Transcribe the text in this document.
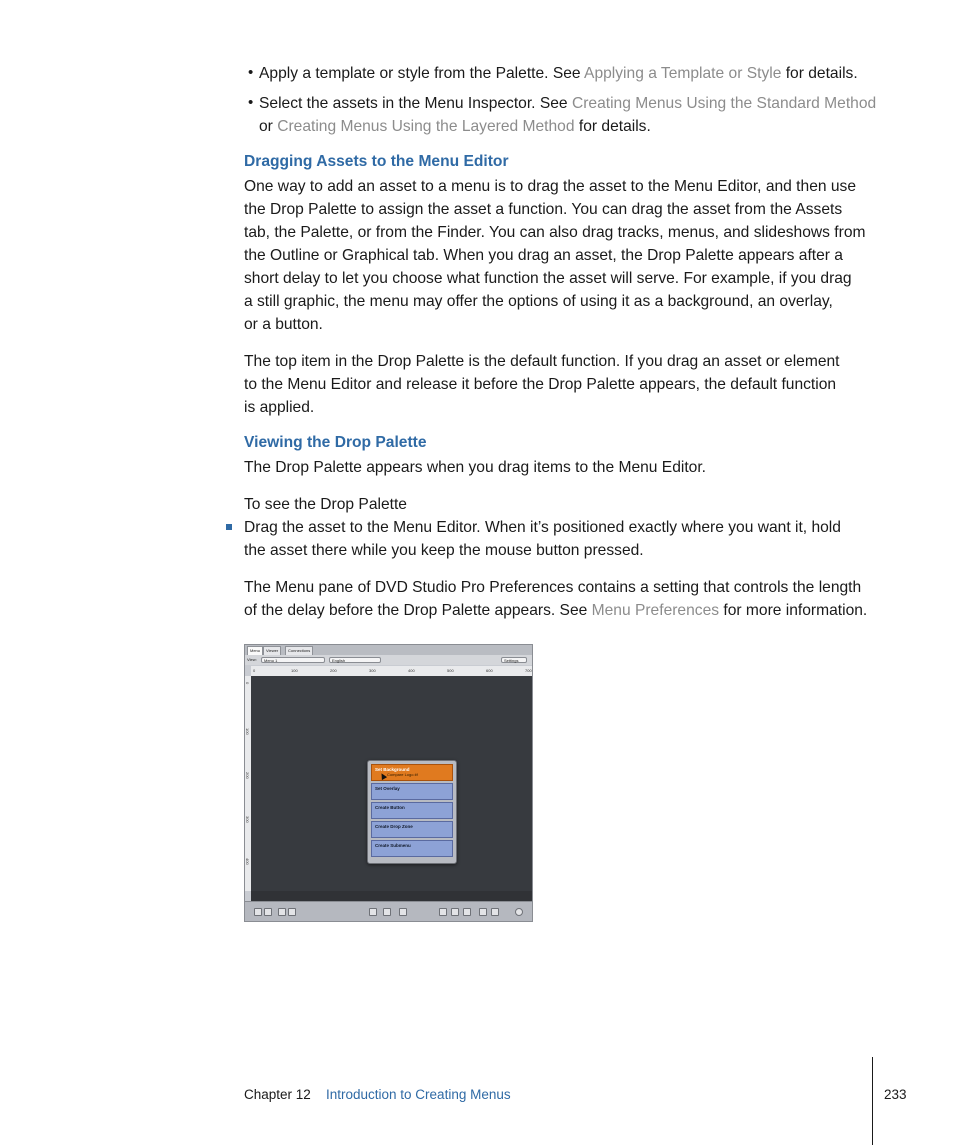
• Apply a template or style from the Palette. See Applying a Template or Style for details.
• Select the assets in the Menu Inspector. See Creating Menus Using the Standard Method
or Creating Menus Using the Layered Method for details.
Dragging Assets to the Menu Editor
One way to add an asset to a menu is to drag the asset to the Menu Editor, and then use
the Drop Palette to assign the asset a function. You can drag the asset from the Assets
tab, the Palette, or from the Finder. You can also drag tracks, menus, and slideshows from
the Outline or Graphical tab. When you drag an asset, the Drop Palette appears after a
short delay to let you choose what function the asset will serve. For example, if you drag
a still graphic, the menu may offer the options of using it as a background, an overlay,
or a button.
The top item in the Drop Palette is the default function. If you drag an asset or element
to the Menu Editor and release it before the Drop Palette appears, the default function
is applied.
Viewing the Drop Palette
The Drop Palette appears when you drag items to the Menu Editor.
To see the Drop Palette
Drag the asset to the Menu Editor. When it’s positioned exactly where you want it, hold
the asset there while you keep the mouse button pressed.
The Menu pane of DVD Studio Pro Preferences contains a setting that controls the length
of the delay before the Drop Palette appears. See Menu Preferences for more information.
Menu	Viewer	Connections
View:	Menu 1	English	Settings
0	100	200	300	400	500	600	700
0
100
200
300
400
Set Background
Compare Logo.tif
Set Overlay
Create Button
Create Drop Zone
Create Submenu
Chapter 12 Introduction to Creating Menus	233
